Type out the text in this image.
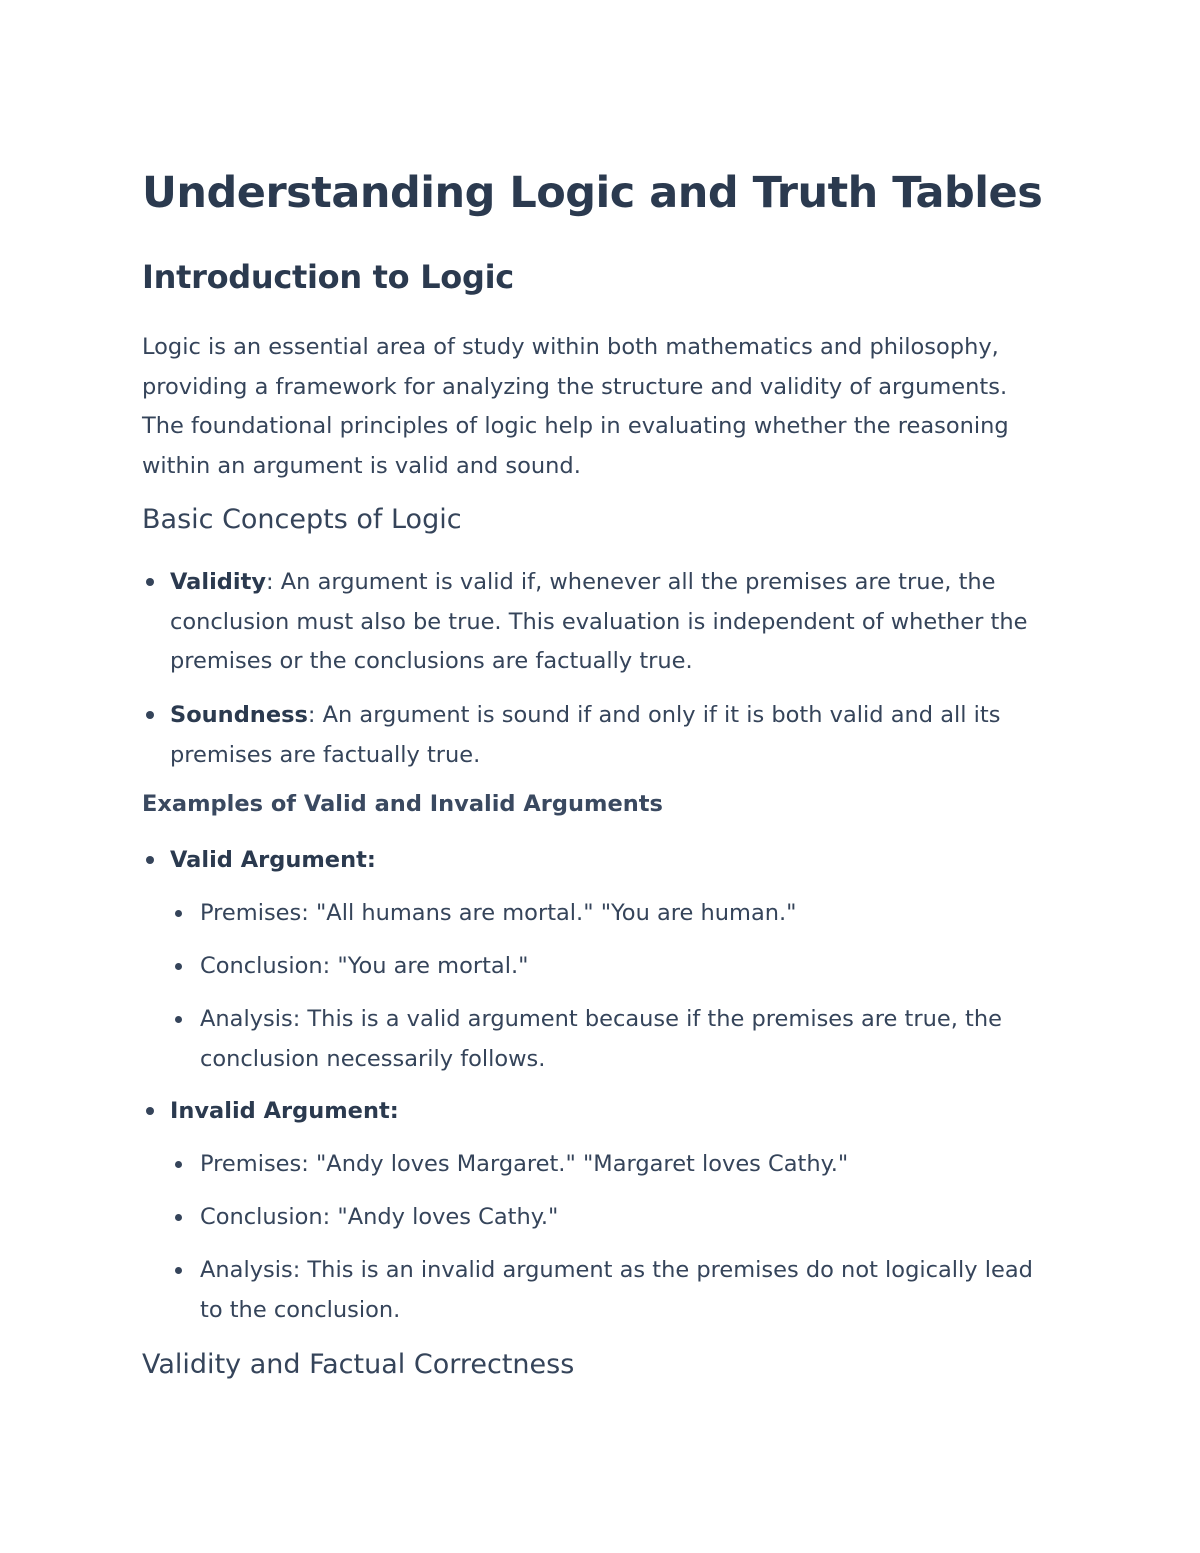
Understanding Logic and Truth Tables
Introduction to Logic

Logic is an essential area of study within both mathematics and philosophy, providing a framework for analyzing the structure and validity of arguments. The foundational principles of logic help in evaluating whether the reasoning within an argument is valid and sound.

Basic Concepts of Logic
Validity: An argument is valid if, whenever all the premises are true, the conclusion must also be true. This evaluation is independent of whether the premises or the conclusions are factually true.
Soundness: An argument is sound if and only if it is both valid and all its premises are factually true.
Examples of Valid and Invalid Arguments
Valid Argument:
Premises: "All humans are mortal." "You are human."
Conclusion: "You are mortal."
Analysis: This is a valid argument because if the premises are true, the conclusion necessarily follows.
Invalid Argument:
Premises: "Andy loves Margaret." "Margaret loves Cathy."
Conclusion: "Andy loves Cathy."
Analysis: This is an invalid argument as the premises do not logically lead to the conclusion.
Validity and Factual Correctness
